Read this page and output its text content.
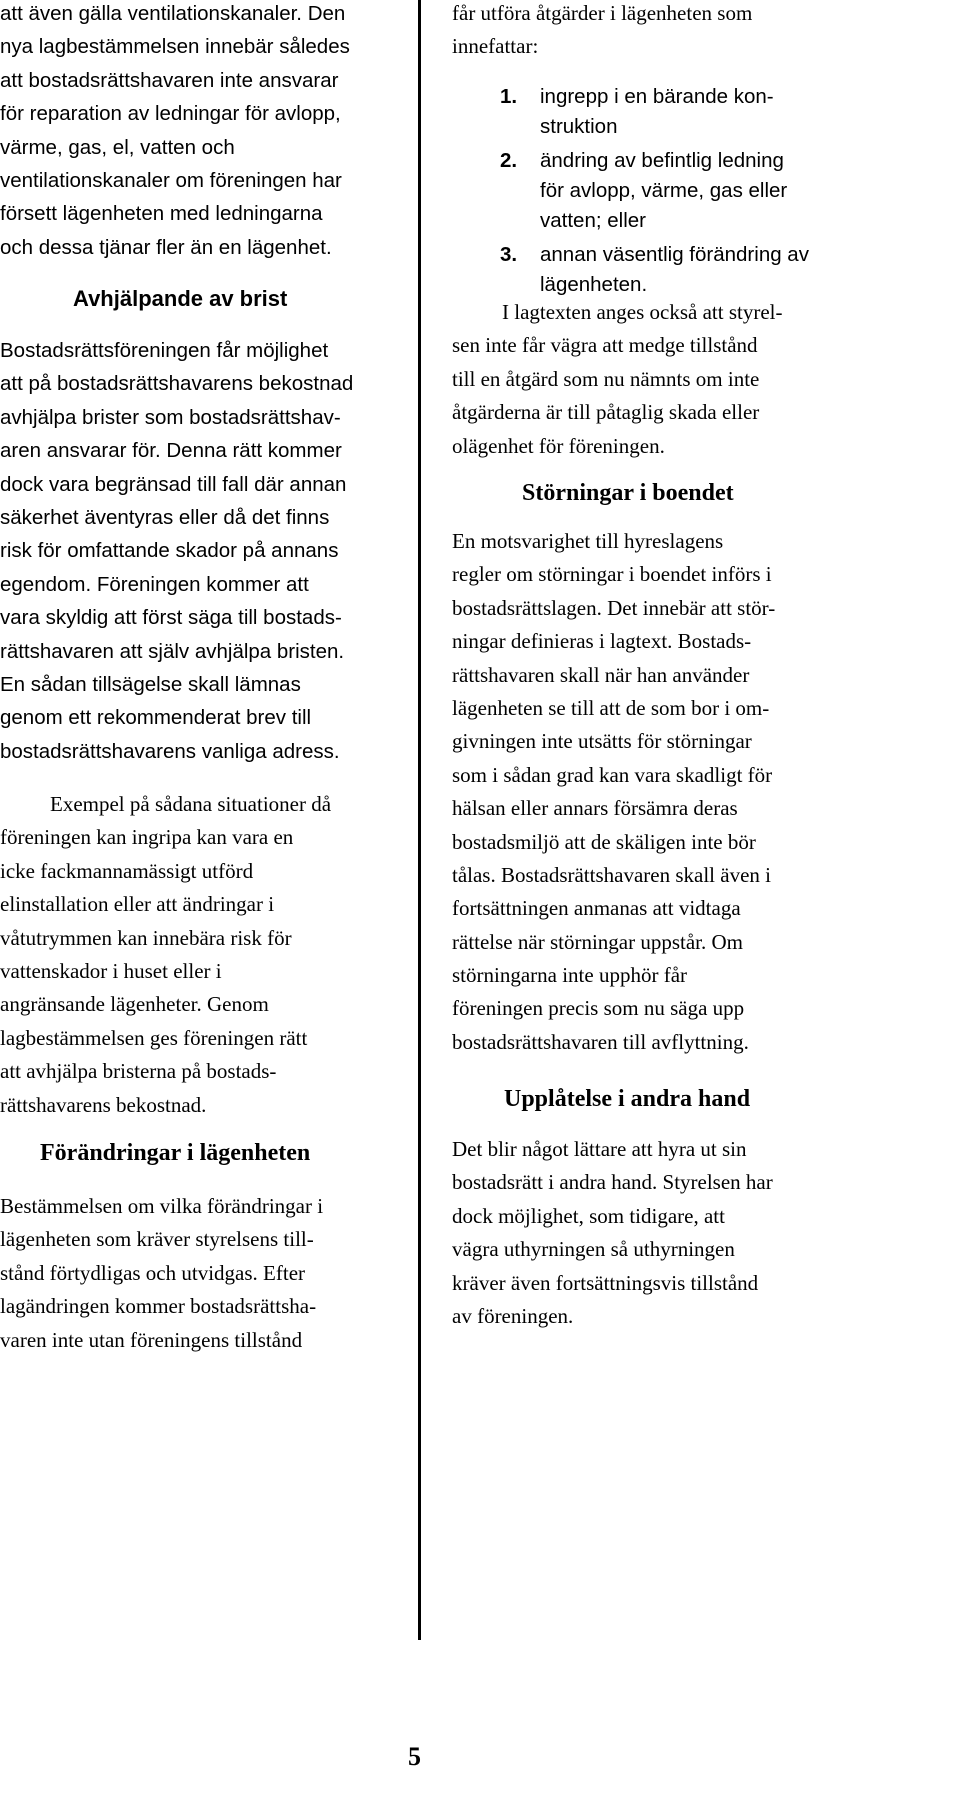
att även gälla ventilationskanaler. Den
nya lagbestämmelsen innebär således
att bostadsrättshavaren inte ansvarar
för reparation av ledningar för avlopp,
värme, gas, el, vatten och
ventilationskanaler om föreningen har
försett lägenheten med ledningarna
och dessa tjänar fler än en lägenhet.
Avhjälpande av brist
Bostadsrättsföreningen får möjlighet
att på bostadsrättshavarens bekostnad
avhjälpa brister som bostadsrättshav-
aren ansvarar för. Denna rätt kommer
dock vara begränsad till fall där annan
säkerhet äventyras eller då det finns
risk för omfattande skador på annans
egendom. Föreningen kommer att
vara skyldig att först säga till bostads-
rättshavaren att själv avhjälpa bristen.
En sådan tillsägelse skall lämnas
genom ett rekommenderat brev till
bostadsrättshavarens vanliga adress.
Exempel på sådana situationer då
föreningen kan ingripa kan vara en
icke fackmannamässigt utförd
elinstallation eller att ändringar i
våtutrymmen kan innebära risk för
vattenskador i huset eller i
angränsande lägenheter. Genom
lagbestämmelsen ges föreningen rätt
att avhjälpa bristerna på bostads-
rättshavarens bekostnad.
Förändringar i lägenheten
Bestämmelsen om vilka förändringar i
lägenheten som kräver styrelsens till-
stånd förtydligas och utvidgas. Efter
lagändringen kommer bostadsrättsha-
varen inte utan föreningens tillstånd
får utföra åtgärder i lägenheten som
innefattar:
1. ingrepp i en bärande kon-
struktion
2. ändring av befintlig ledning
för avlopp, värme, gas eller
vatten; eller
3. annan väsentlig förändring av
lägenheten.
I lagtexten anges också att styrel-
sen inte får vägra att medge tillstånd
till en åtgärd som nu nämnts om inte
åtgärderna är till påtaglig skada eller
olägenhet för föreningen.
Störningar i boendet
En motsvarighet till hyreslagens
regler om störningar i boendet införs i
bostadsrättslagen. Det innebär att stör-
ningar definieras i lagtext. Bostads-
rättshavaren skall när han använder
lägenheten se till att de som bor i om-
givningen inte utsätts för störningar
som i sådan grad kan vara skadligt för
hälsan eller annars försämra deras
bostadsmiljö att de skäligen inte bör
tålas. Bostadsrättshavaren skall även i
fortsättningen anmanas att vidtaga
rättelse när störningar uppstår. Om
störningarna inte upphör får
föreningen precis som nu säga upp
bostadsrättshavaren till avflyttning.
Upplåtelse i andra hand
Det blir något lättare att hyra ut sin
bostadsrätt i andra hand. Styrelsen har
dock möjlighet, som tidigare, att
vägra uthyrningen så uthyrningen
kräver även fortsättningsvis tillstånd
av föreningen.
5
